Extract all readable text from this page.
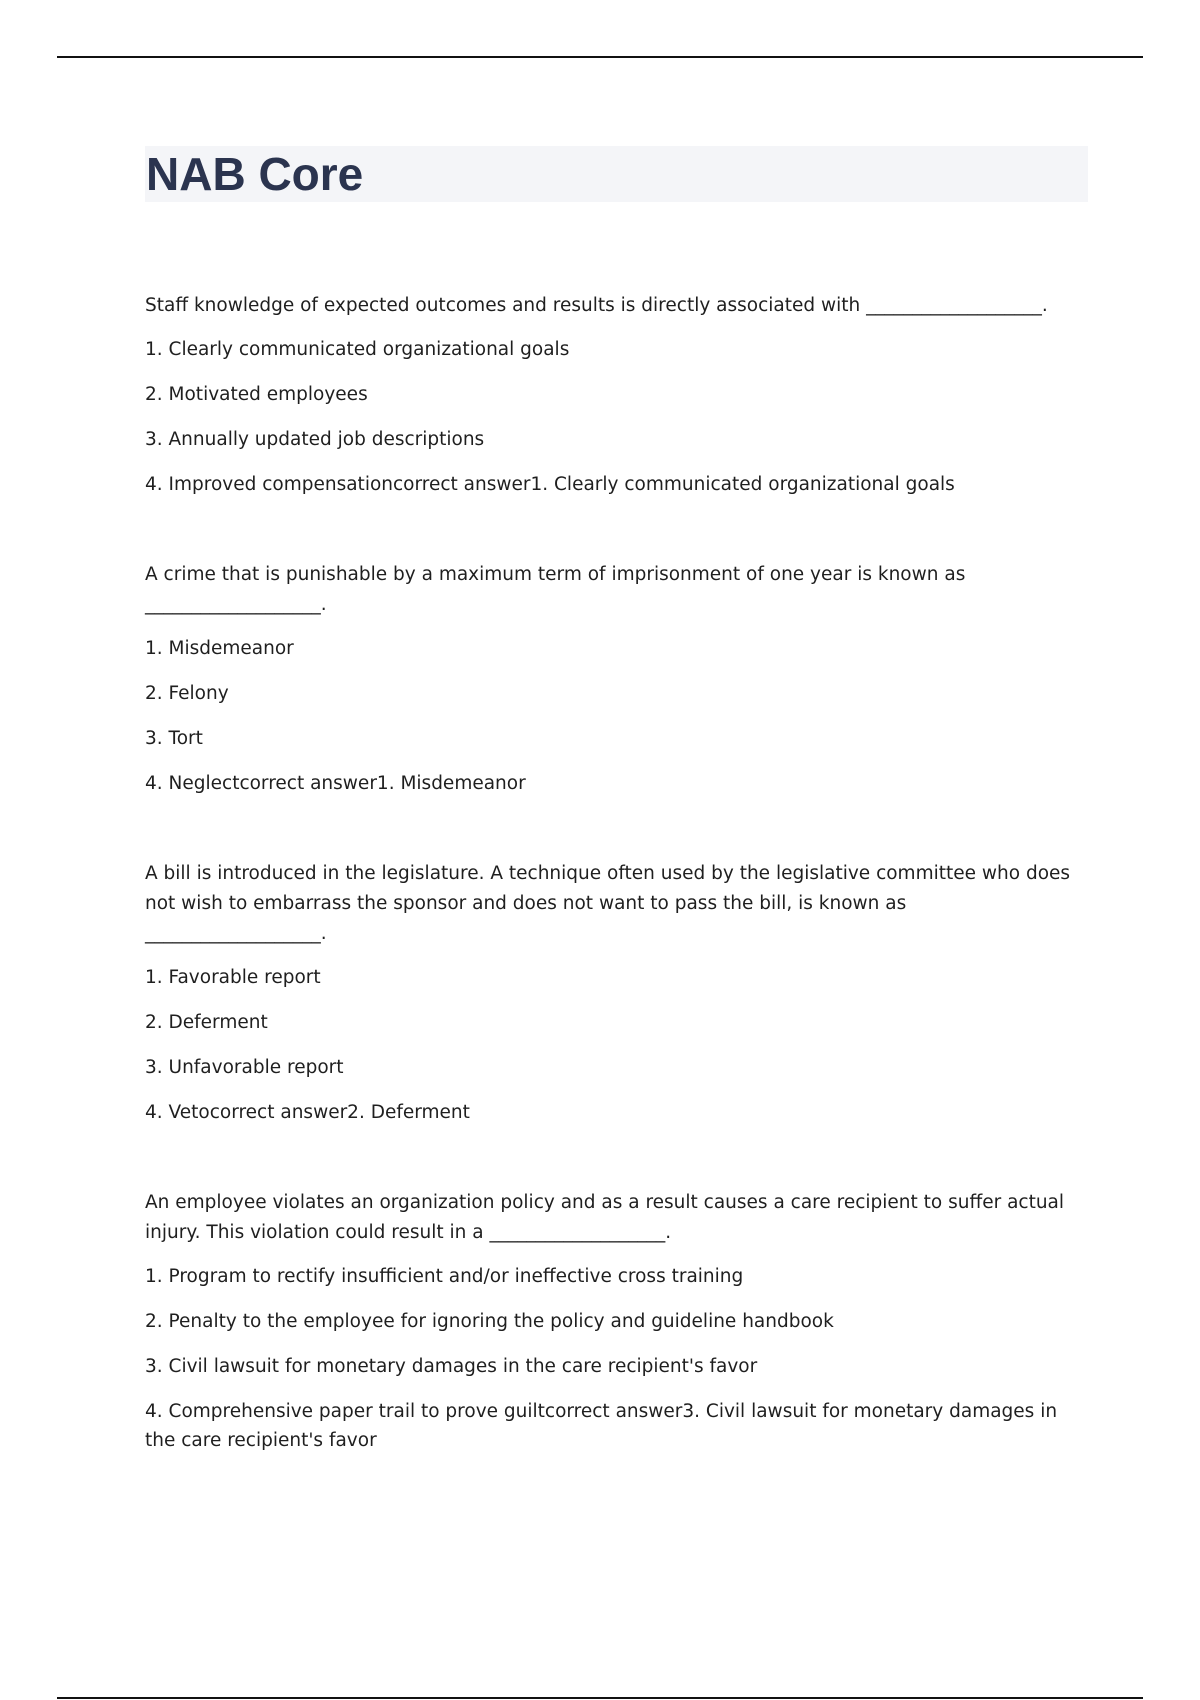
NAB Core

Staff knowledge of expected outcomes and results is directly associated with ___________________.

1. Clearly communicated organizational goals

2. Motivated employees

3. Annually updated job descriptions

4. Improved compensationcorrect answer1. Clearly communicated organizational goals

A crime that is punishable by a maximum term of imprisonment of one year is known as ___________________.

1. Misdemeanor

2. Felony

3. Tort

4. Neglectcorrect answer1. Misdemeanor

A bill is introduced in the legislature. A technique often used by the legislative committee who does not wish to embarrass the sponsor and does not want to pass the bill, is known as ___________________.

1. Favorable report

2. Deferment

3. Unfavorable report

4. Vetocorrect answer2. Deferment

An employee violates an organization policy and as a result causes a care recipient to suffer actual injury. This violation could result in a ___________________.

1. Program to rectify insufficient and/or ineffective cross training

2. Penalty to the employee for ignoring the policy and guideline handbook

3. Civil lawsuit for monetary damages in the care recipient's favor

4. Comprehensive paper trail to prove guiltcorrect answer3. Civil lawsuit for monetary damages in the care recipient's favor
